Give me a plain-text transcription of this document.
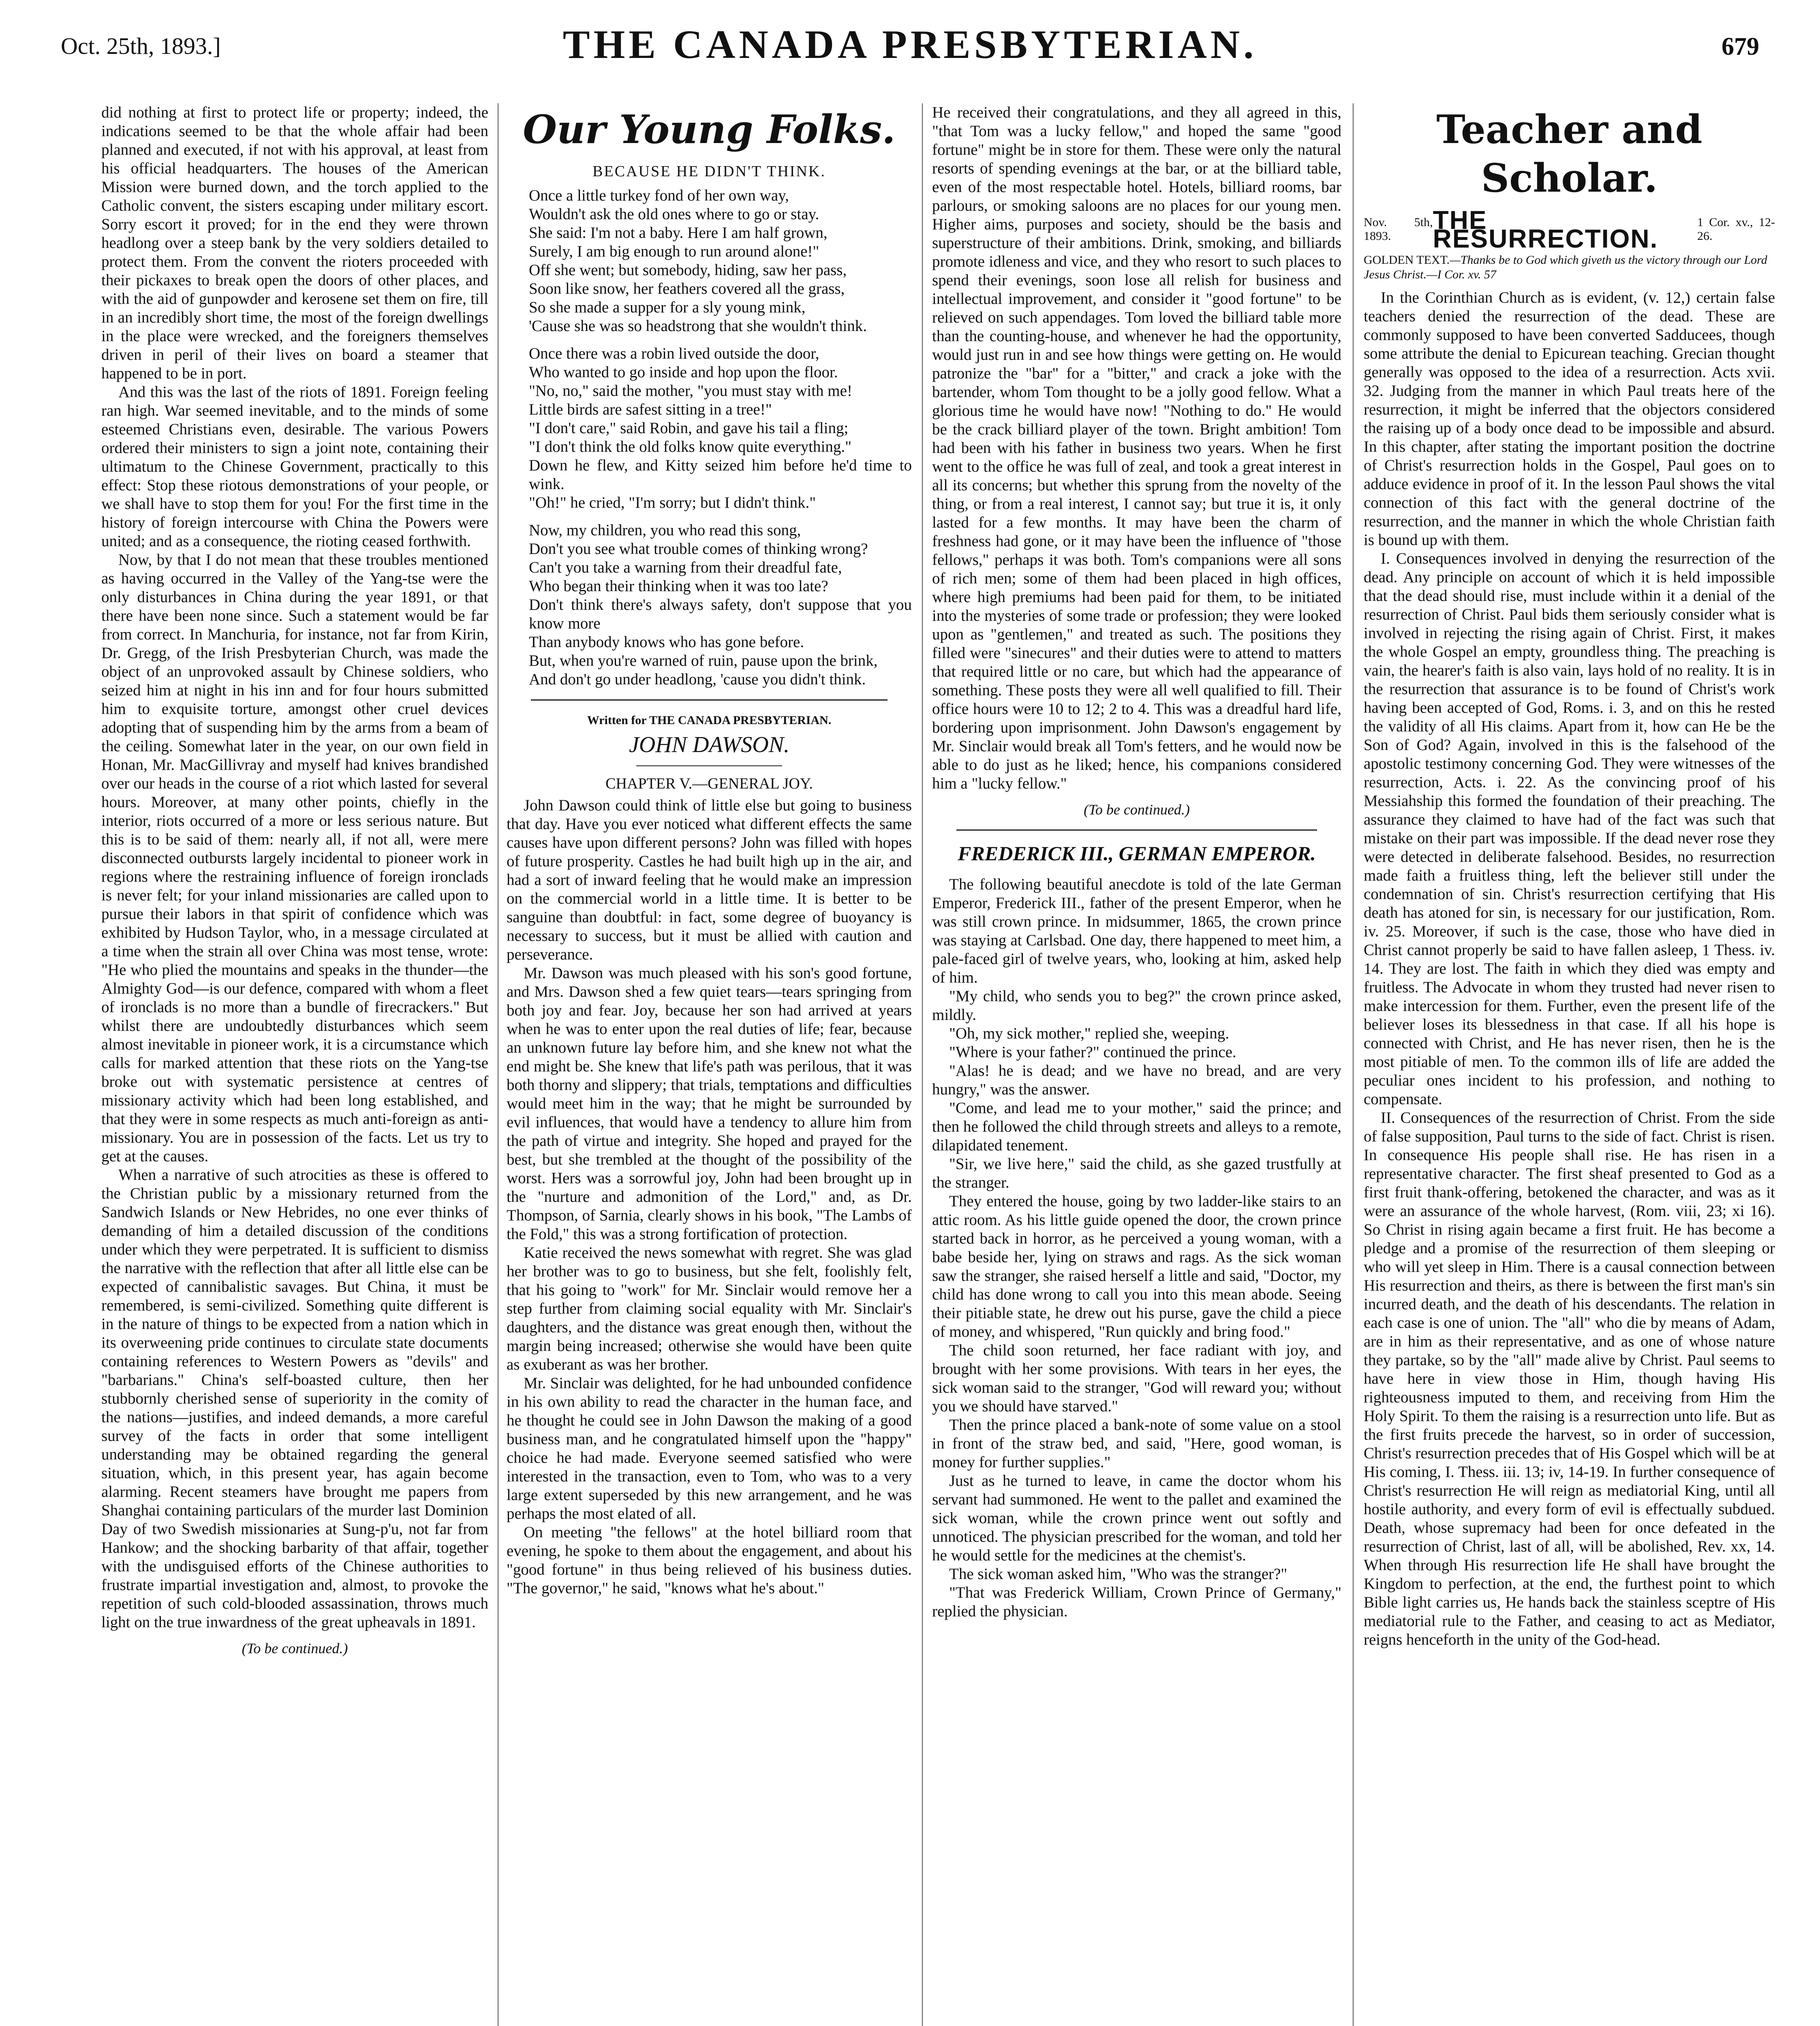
Oct. 25th, 1893.]	THE CANADA PRESBYTERIAN.	679

did nothing at first to protect life or property; indeed, the indications seemed to be that the whole affair had been planned and executed, if not with his approval, at least from his official headquarters. The houses of the American Mission were burned down, and the torch applied to the Catholic convent, the sisters escaping under military escort. Sorry escort it proved; for in the end they were thrown headlong over a steep bank by the very soldiers detailed to protect them. From the convent the rioters proceeded with their pickaxes to break open the doors of other places, and with the aid of gunpowder and kerosene set them on fire, till in an incredibly short time, the most of the foreign dwellings in the place were wrecked, and the foreigners themselves driven in peril of their lives on board a steamer that happened to be in port.

And this was the last of the riots of 1891. Foreign feeling ran high. War seemed inevitable, and to the minds of some esteemed Christians even, desirable. The various Powers ordered their ministers to sign a joint note, containing their ultimatum to the Chinese Government, practically to this effect: Stop these riotous demonstrations of your people, or we shall have to stop them for you! For the first time in the history of foreign intercourse with China the Powers were united; and as a consequence, the rioting ceased forthwith.

Now, by that I do not mean that these troubles mentioned as having occurred in the Valley of the Yang-tse were the only disturbances in China during the year 1891, or that there have been none since. Such a statement would be far from correct. In Manchuria, for instance, not far from Kirin, Dr. Gregg, of the Irish Presbyterian Church, was made the object of an unprovoked assault by Chinese soldiers, who seized him at night in his inn and for four hours submitted him to exquisite torture, amongst other cruel devices adopting that of suspending him by the arms from a beam of the ceiling. Somewhat later in the year, on our own field in Honan, Mr. MacGillivray and myself had knives brandished over our heads in the course of a riot which lasted for several hours. Moreover, at many other points, chiefly in the interior, riots occurred of a more or less serious nature. But this is to be said of them: nearly all, if not all, were mere disconnected outbursts largely incidental to pioneer work in regions where the restraining influence of foreign ironclads is never felt; for your inland missionaries are called upon to pursue their labors in that spirit of confidence which was exhibited by Hudson Taylor, who, in a message circulated at a time when the strain all over China was most tense, wrote: "He who plied the mountains and speaks in the thunder—the Almighty God—is our defence, compared with whom a fleet of ironclads is no more than a bundle of firecrackers." But whilst there are undoubtedly disturbances which seem almost inevitable in pioneer work, it is a circumstance which calls for marked attention that these riots on the Yang-tse broke out with systematic persistence at centres of missionary activity which had been long established, and that they were in some respects as much anti-foreign as anti-missionary. You are in possession of the facts. Let us try to get at the causes.

When a narrative of such atrocities as these is offered to the Christian public by a missionary returned from the Sandwich Islands or New Hebrides, no one ever thinks of demanding of him a detailed discussion of the conditions under which they were perpetrated. It is sufficient to dismiss the narrative with the reflection that after all little else can be expected of cannibalistic savages. But China, it must be remembered, is semi-civilized. Something quite different is in the nature of things to be expected from a nation which in its overweening pride continues to circulate state documents containing references to Western Powers as "devils" and "barbarians." China's self-boasted culture, then her stubbornly cherished sense of superiority in the comity of the nations—justifies, and indeed demands, a more careful survey of the facts in order that some intelligent understanding may be obtained regarding the general situation, which, in this present year, has again become alarming. Recent steamers have brought me papers from Shanghai containing particulars of the murder last Dominion Day of two Swedish missionaries at Sung-p'u, not far from Hankow; and the shocking barbarity of that affair, together with the undisguised efforts of the Chinese authorities to frustrate impartial investigation and, almost, to provoke the repetition of such cold-blooded assassination, throws much light on the true inwardness of the great upheavals in 1891.

(To be continued.)
Our Young Folks.
BECAUSE HE DIDN'T THINK.

Once a little turkey fond of her own way,

Wouldn't ask the old ones where to go or stay.

She said: I'm not a baby. Here I am half grown,

Surely, I am big enough to run around alone!"

Off she went; but somebody, hiding, saw her pass,

Soon like snow, her feathers covered all the grass,

So she made a supper for a sly young mink,

'Cause she was so headstrong that she wouldn't think.

Once there was a robin lived outside the door,

Who wanted to go inside and hop upon the floor.

"No, no," said the mother, "you must stay with me!

Little birds are safest sitting in a tree!"

"I don't care," said Robin, and gave his tail a fling;

"I don't think the old folks know quite everything."

Down he flew, and Kitty seized him before he'd time to wink.

"Oh!" he cried, "I'm sorry; but I didn't think."

Now, my children, you who read this song,

Don't you see what trouble comes of thinking wrong?

Can't you take a warning from their dreadful fate,

Who began their thinking when it was too late?

Don't think there's always safety, don't suppose that you know more

Than anybody knows who has gone before.

But, when you're warned of ruin, pause upon the brink,

And don't go under headlong, 'cause you didn't think.

Written for THE CANADA PRESBYTERIAN.
JOHN DAWSON.
CHAPTER V.—GENERAL JOY.

John Dawson could think of little else but going to business that day. Have you ever noticed what different effects the same causes have upon different persons? John was filled with hopes of future prosperity. Castles he had built high up in the air, and had a sort of inward feeling that he would make an impression on the commercial world in a little time. It is better to be sanguine than doubtful: in fact, some degree of buoyancy is necessary to success, but it must be allied with caution and perseverance.

Mr. Dawson was much pleased with his son's good fortune, and Mrs. Dawson shed a few quiet tears—tears springing from both joy and fear. Joy, because her son had arrived at years when he was to enter upon the real duties of life; fear, because an unknown future lay before him, and she knew not what the end might be. She knew that life's path was perilous, that it was both thorny and slippery; that trials, temptations and difficulties would meet him in the way; that he might be surrounded by evil influences, that would have a tendency to allure him from the path of virtue and integrity. She hoped and prayed for the best, but she trembled at the thought of the possibility of the worst. Hers was a sorrowful joy, John had been brought up in the "nurture and admonition of the Lord," and, as Dr. Thompson, of Sarnia, clearly shows in his book, "The Lambs of the Fold," this was a strong fortification of protection.

Katie received the news somewhat with regret. She was glad her brother was to go to business, but she felt, foolishly felt, that his going to "work" for Mr. Sinclair would remove her a step further from claiming social equality with Mr. Sinclair's daughters, and the distance was great enough then, without the margin being increased; otherwise she would have been quite as exuberant as was her brother.

Mr. Sinclair was delighted, for he had unbounded confidence in his own ability to read the character in the human face, and he thought he could see in John Dawson the making of a good business man, and he congratulated himself upon the "happy" choice he had made. Everyone seemed satisfied who were interested in the transaction, even to Tom, who was to a very large extent superseded by this new arrangement, and he was perhaps the most elated of all.

On meeting "the fellows" at the hotel billiard room that evening, he spoke to them about the engagement, and about his "good fortune" in thus being relieved of his business duties. "The governor," he said, "knows what he's about."

He received their congratulations, and they all agreed in this, "that Tom was a lucky fellow," and hoped the same "good fortune" might be in store for them. These were only the natural resorts of spending evenings at the bar, or at the billiard table, even of the most respectable hotel. Hotels, billiard rooms, bar parlours, or smoking saloons are no places for our young men. Higher aims, purposes and society, should be the basis and superstructure of their ambitions. Drink, smoking, and billiards promote idleness and vice, and they who resort to such places to spend their evenings, soon lose all relish for business and intellectual improvement, and consider it "good fortune" to be relieved on such appendages. Tom loved the billiard table more than the counting-house, and whenever he had the opportunity, would just run in and see how things were getting on. He would patronize the "bar" for a "bitter," and crack a joke with the bartender, whom Tom thought to be a jolly good fellow. What a glorious time he would have now! "Nothing to do." He would be the crack billiard player of the town. Bright ambition! Tom had been with his father in business two years. When he first went to the office he was full of zeal, and took a great interest in all its concerns; but whether this sprung from the novelty of the thing, or from a real interest, I cannot say; but true it is, it only lasted for a few months. It may have been the charm of freshness had gone, or it may have been the influence of "those fellows," perhaps it was both. Tom's companions were all sons of rich men; some of them had been placed in high offices, where high premiums had been paid for them, to be initiated into the mysteries of some trade or profession; they were looked upon as "gentlemen," and treated as such. The positions they filled were "sinecures" and their duties were to attend to matters that required little or no care, but which had the appearance of something. These posts they were all well qualified to fill. Their office hours were 10 to 12; 2 to 4. This was a dreadful hard life, bordering upon imprisonment. John Dawson's engagement by Mr. Sinclair would break all Tom's fetters, and he would now be able to do just as he liked; hence, his companions considered him a "lucky fellow."

(To be continued.)
FREDERICK III., GERMAN EMPEROR.

The following beautiful anecdote is told of the late German Emperor, Frederick III., father of the present Emperor, when he was still crown prince. In midsummer, 1865, the crown prince was staying at Carlsbad. One day, there happened to meet him, a pale-faced girl of twelve years, who, looking at him, asked help of him.

"My child, who sends you to beg?" the crown prince asked, mildly.

"Oh, my sick mother," replied she, weeping.

"Where is your father?" continued the prince.

"Alas! he is dead; and we have no bread, and are very hungry," was the answer.

"Come, and lead me to your mother," said the prince; and then he followed the child through streets and alleys to a remote, dilapidated tenement.

"Sir, we live here," said the child, as she gazed trustfully at the stranger.

They entered the house, going by two ladder-like stairs to an attic room. As his little guide opened the door, the crown prince started back in horror, as he perceived a young woman, with a babe beside her, lying on straws and rags. As the sick woman saw the stranger, she raised herself a little and said, "Doctor, my child has done wrong to call you into this mean abode. Seeing their pitiable state, he drew out his purse, gave the child a piece of money, and whispered, "Run quickly and bring food."

The child soon returned, her face radiant with joy, and brought with her some provisions. With tears in her eyes, the sick woman said to the stranger, "God will reward you; without you we should have starved."

Then the prince placed a bank-note of some value on a stool in front of the straw bed, and said, "Here, good woman, is money for further supplies."

Just as he turned to leave, in came the doctor whom his servant had summoned. He went to the pallet and examined the sick woman, while the crown prince went out softly and unnoticed. The physician prescribed for the woman, and told her he would settle for the medicines at the chemist's.

The sick woman asked him, "Who was the stranger?"

"That was Frederick William, Crown Prince of Germany," replied the physician.

Teacher and Scholar.
Nov. 5th, 1893.
THE RESURRECTION.
1 Cor. xv., 12-26.
GOLDEN TEXT.—Thanks be to God which giveth us the victory through our Lord Jesus Christ.—I Cor. xv. 57

In the Corinthian Church as is evident, (v. 12,) certain false teachers denied the resurrection of the dead. These are commonly supposed to have been converted Sadducees, though some attribute the denial to Epicurean teaching. Grecian thought generally was opposed to the idea of a resurrection. Acts xvii. 32. Judging from the manner in which Paul treats here of the resurrection, it might be inferred that the objectors considered the raising up of a body once dead to be impossible and absurd. In this chapter, after stating the important position the doctrine of Christ's resurrection holds in the Gospel, Paul goes on to adduce evidence in proof of it. In the lesson Paul shows the vital connection of this fact with the general doctrine of the resurrection, and the manner in which the whole Christian faith is bound up with them.

I. Consequences involved in denying the resurrection of the dead. Any principle on account of which it is held impossible that the dead should rise, must include within it a denial of the resurrection of Christ. Paul bids them seriously consider what is involved in rejecting the rising again of Christ. First, it makes the whole Gospel an empty, groundless thing. The preaching is vain, the hearer's faith is also vain, lays hold of no reality. It is in the resurrection that assurance is to be found of Christ's work having been accepted of God, Roms. i. 3, and on this he rested the validity of all His claims. Apart from it, how can He be the Son of God? Again, involved in this is the falsehood of the apostolic testimony concerning God. They were witnesses of the resurrection, Acts. i. 22. As the convincing proof of his Messiahship this formed the foundation of their preaching. The assurance they claimed to have had of the fact was such that mistake on their part was impossible. If the dead never rose they were detected in deliberate falsehood. Besides, no resurrection made faith a fruitless thing, left the believer still under the condemnation of sin. Christ's resurrection certifying that His death has atoned for sin, is necessary for our justification, Rom. iv. 25. Moreover, if such is the case, those who have died in Christ cannot properly be said to have fallen asleep, 1 Thess. iv. 14. They are lost. The faith in which they died was empty and fruitless. The Advocate in whom they trusted had never risen to make intercession for them. Further, even the present life of the believer loses its blessedness in that case. If all his hope is connected with Christ, and He has never risen, then he is the most pitiable of men. To the common ills of life are added the peculiar ones incident to his profession, and nothing to compensate.

II. Consequences of the resurrection of Christ. From the side of false supposition, Paul turns to the side of fact. Christ is risen. In consequence His people shall rise. He has risen in a representative character. The first sheaf presented to God as a first fruit thank-offering, betokened the character, and was as it were an assurance of the whole harvest, (Rom. viii, 23; xi 16). So Christ in rising again became a first fruit. He has become a pledge and a promise of the resurrection of them sleeping or who will yet sleep in Him. There is a causal connection between His resurrection and theirs, as there is between the first man's sin incurred death, and the death of his descendants. The relation in each case is one of union. The "all" who die by means of Adam, are in him as their representative, and as one of whose nature they partake, so by the "all" made alive by Christ. Paul seems to have here in view those in Him, though having His righteousness imputed to them, and receiving from Him the Holy Spirit. To them the raising is a resurrection unto life. But as the first fruits precede the harvest, so in order of succession, Christ's resurrection precedes that of His Gospel which will be at His coming, I. Thess. iii. 13; iv, 14-19. In further consequence of Christ's resurrection He will reign as mediatorial King, until all hostile authority, and every form of evil is effectually subdued. Death, whose supremacy had been for once defeated in the resurrection of Christ, last of all, will be abolished, Rev. xx, 14. When through His resurrection life He shall have brought the Kingdom to perfection, at the end, the furthest point to which Bible light carries us, He hands back the stainless sceptre of His mediatorial rule to the Father, and ceasing to act as Mediator, reigns henceforth in the unity of the God-head.
